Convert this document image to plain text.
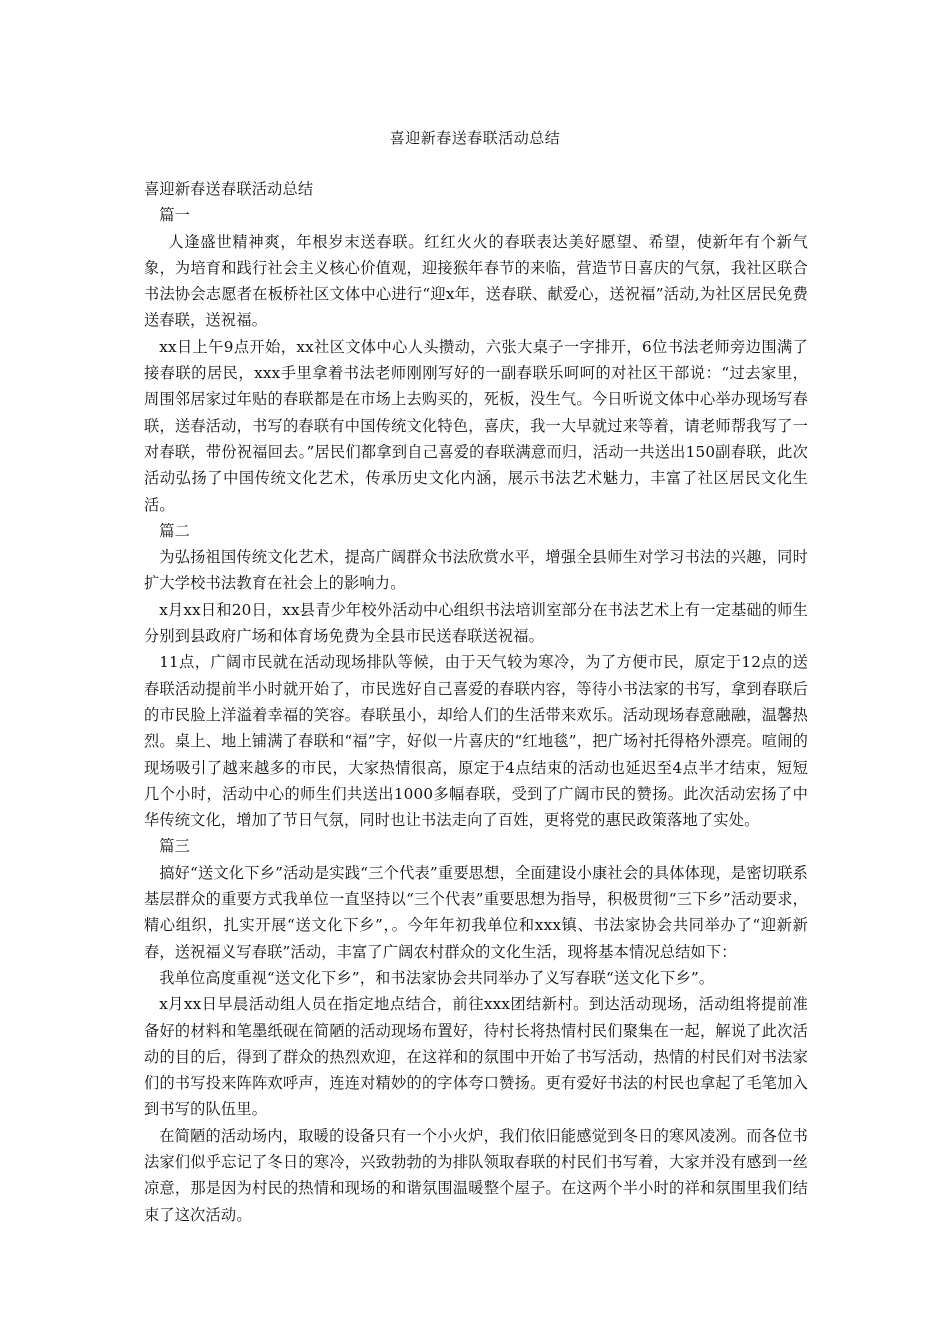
喜迎新春送春联活动总结

喜迎新春送春联活动总结

篇一

人逢盛世精神爽，年根岁末送春联。红红火火的春联表达美好愿望、希望，使新年有个新气象，为培育和践行社会主义核心价值观，迎接猴年春节的来临，营造节日喜庆的气氛，我社区联合书法协会志愿者在板桥社区文体中心进行“迎x年，送春联、献爱心，送祝福”活动,为社区居民免费送春联，送祝福。

xx日上午9点开始，xx社区文体中心人头攒动，六张大桌子一字排开，6位书法老师旁边围满了接春联的居民，xxx手里拿着书法老师刚刚写好的一副春联乐呵呵的对社区干部说：“过去家里，周围邻居家过年贴的春联都是在市场上去购买的，死板，没生气。今日听说文体中心举办现场写春联，送春活动，书写的春联有中国传统文化特色，喜庆，我一大早就过来等着，请老师帮我写了一对春联，带份祝福回去。”居民们都拿到自己喜爱的春联满意而归，活动一共送出150副春联，此次活动弘扬了中国传统文化艺术，传承历史文化内涵，展示书法艺术魅力，丰富了社区居民文化生活。

篇二

为弘扬祖国传统文化艺术，提高广阔群众书法欣赏水平，增强全县师生对学习书法的兴趣，同时扩大学校书法教育在社会上的影响力。

x月xx日和20日，xx县青少年校外活动中心组织书法培训室部分在书法艺术上有一定基础的师生分别到县政府广场和体育场免费为全县市民送春联送祝福。

11点，广阔市民就在活动现场排队等候，由于天气较为寒冷，为了方便市民，原定于12点的送春联活动提前半小时就开始了，市民选好自己喜爱的春联内容，等待小书法家的书写，拿到春联后的市民脸上洋溢着幸福的笑容。春联虽小，却给人们的生活带来欢乐。活动现场春意融融，温馨热烈。桌上、地上铺满了春联和“福”字，好似一片喜庆的“红地毯”，把广场衬托得格外漂亮。喧闹的现场吸引了越来越多的市民，大家热情很高，原定于4点结束的活动也延迟至4点半才结束，短短几个小时，活动中心的师生们共送出1000多幅春联，受到了广阔市民的赞扬。此次活动宏扬了中华传统文化，增加了节日气氛，同时也让书法走向了百姓，更将党的惠民政策落地了实处。

篇三

搞好“送文化下乡”活动是实践“三个代表”重要思想，全面建设小康社会的具体体现，是密切联系基层群众的重要方式我单位一直坚持以“三个代表”重要思想为指导，积极贯彻“三下乡”活动要求，精心组织，扎实开展“送文化下乡”，。今年年初我单位和xxx镇、书法家协会共同举办了“迎新新春，送祝福义写春联”活动，丰富了广阔农村群众的文化生活，现将基本情况总结如下：

我单位高度重视“送文化下乡”，和书法家协会共同举办了义写春联“送文化下乡”。

x月xx日早晨活动组人员在指定地点结合，前往xxx团结新村。到达活动现场，活动组将提前准备好的材料和笔墨纸砚在简陋的活动现场布置好，待村长将热情村民们聚集在一起，解说了此次活动的目的后，得到了群众的热烈欢迎，在这祥和的氛围中开始了书写活动，热情的村民们对书法家们的书写投来阵阵欢呼声，连连对精妙的的字体夸口赞扬。更有爱好书法的村民也拿起了毛笔加入到书写的队伍里。

在简陋的活动场内，取暖的设备只有一个小火炉，我们依旧能感觉到冬日的寒风凌冽。而各位书法家们似乎忘记了冬日的寒冷，兴致勃勃的为排队领取春联的村民们书写着，大家并没有感到一丝凉意，那是因为村民的热情和现场的和谐氛围温暖整个屋子。在这两个半小时的祥和氛围里我们结束了这次活动。
